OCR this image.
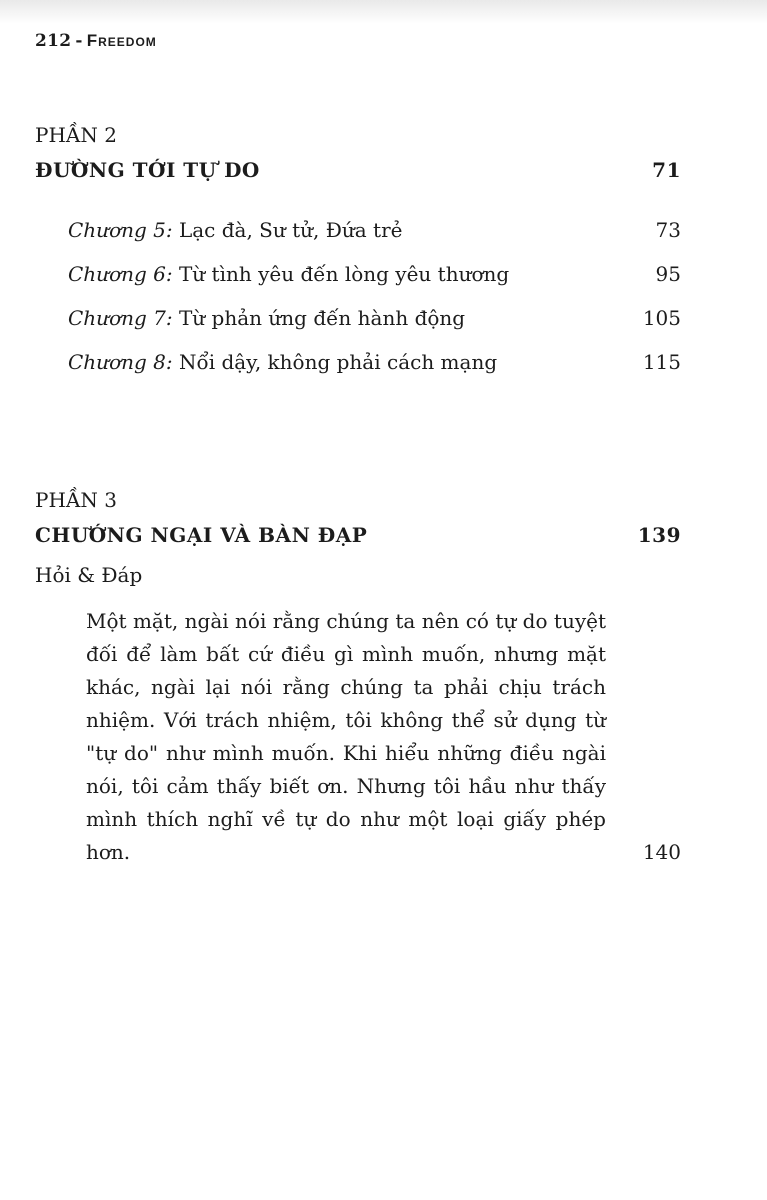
212 - Freedom
PHẦN 2
ĐƯỜNG TỚI TỰ DO	71
Chương 5: Lạc đà, Sư tử, Đứa trẻ	73
Chương 6: Từ tình yêu đến lòng yêu thương	95
Chương 7: Từ phản ứng đến hành động	105
Chương 8: Nổi dậy, không phải cách mạng	115
PHẦN 3
CHƯỚNG NGẠI VÀ BÀN ĐẠP	139
Hỏi & Đáp
Một mặt, ngài nói rằng chúng ta nên có tự do tuyệt đối để làm bất cứ điều gì mình muốn, nhưng mặt khác, ngài lại nói rằng chúng ta phải chịu trách nhiệm. Với trách nhiệm, tôi không thể sử dụng từ "tự do" như mình muốn. Khi hiểu những điều ngài nói, tôi cảm thấy biết ơn. Nhưng tôi hầu như thấy mình thích nghĩ về tự do như một loại giấy phép hơn.	140
